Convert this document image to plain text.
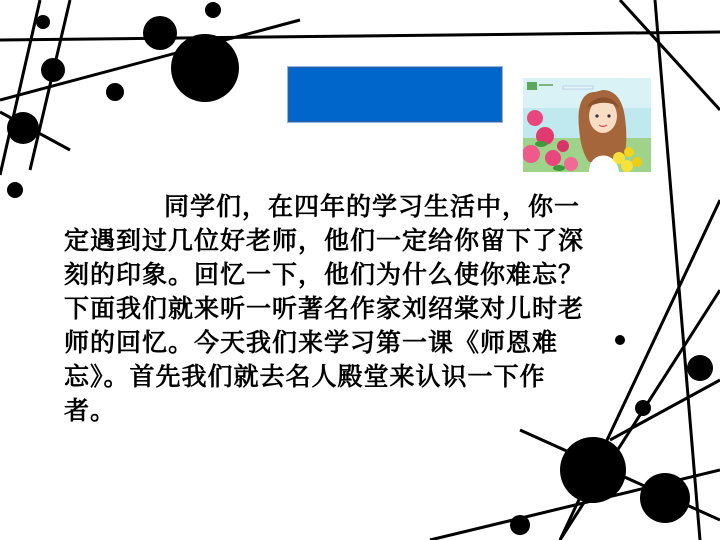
同学们，在四年的学习生活中，你一定遇到过几位好老师，他们一定给你留下了深刻的印象。回忆一下，他们为什么使你难忘？下面我们就来听一听著名作家刘绍棠对儿时老师的回忆。今天我们来学习第一课《师恩难忘》。首先我们就去名人殿堂来认识一下作者。
